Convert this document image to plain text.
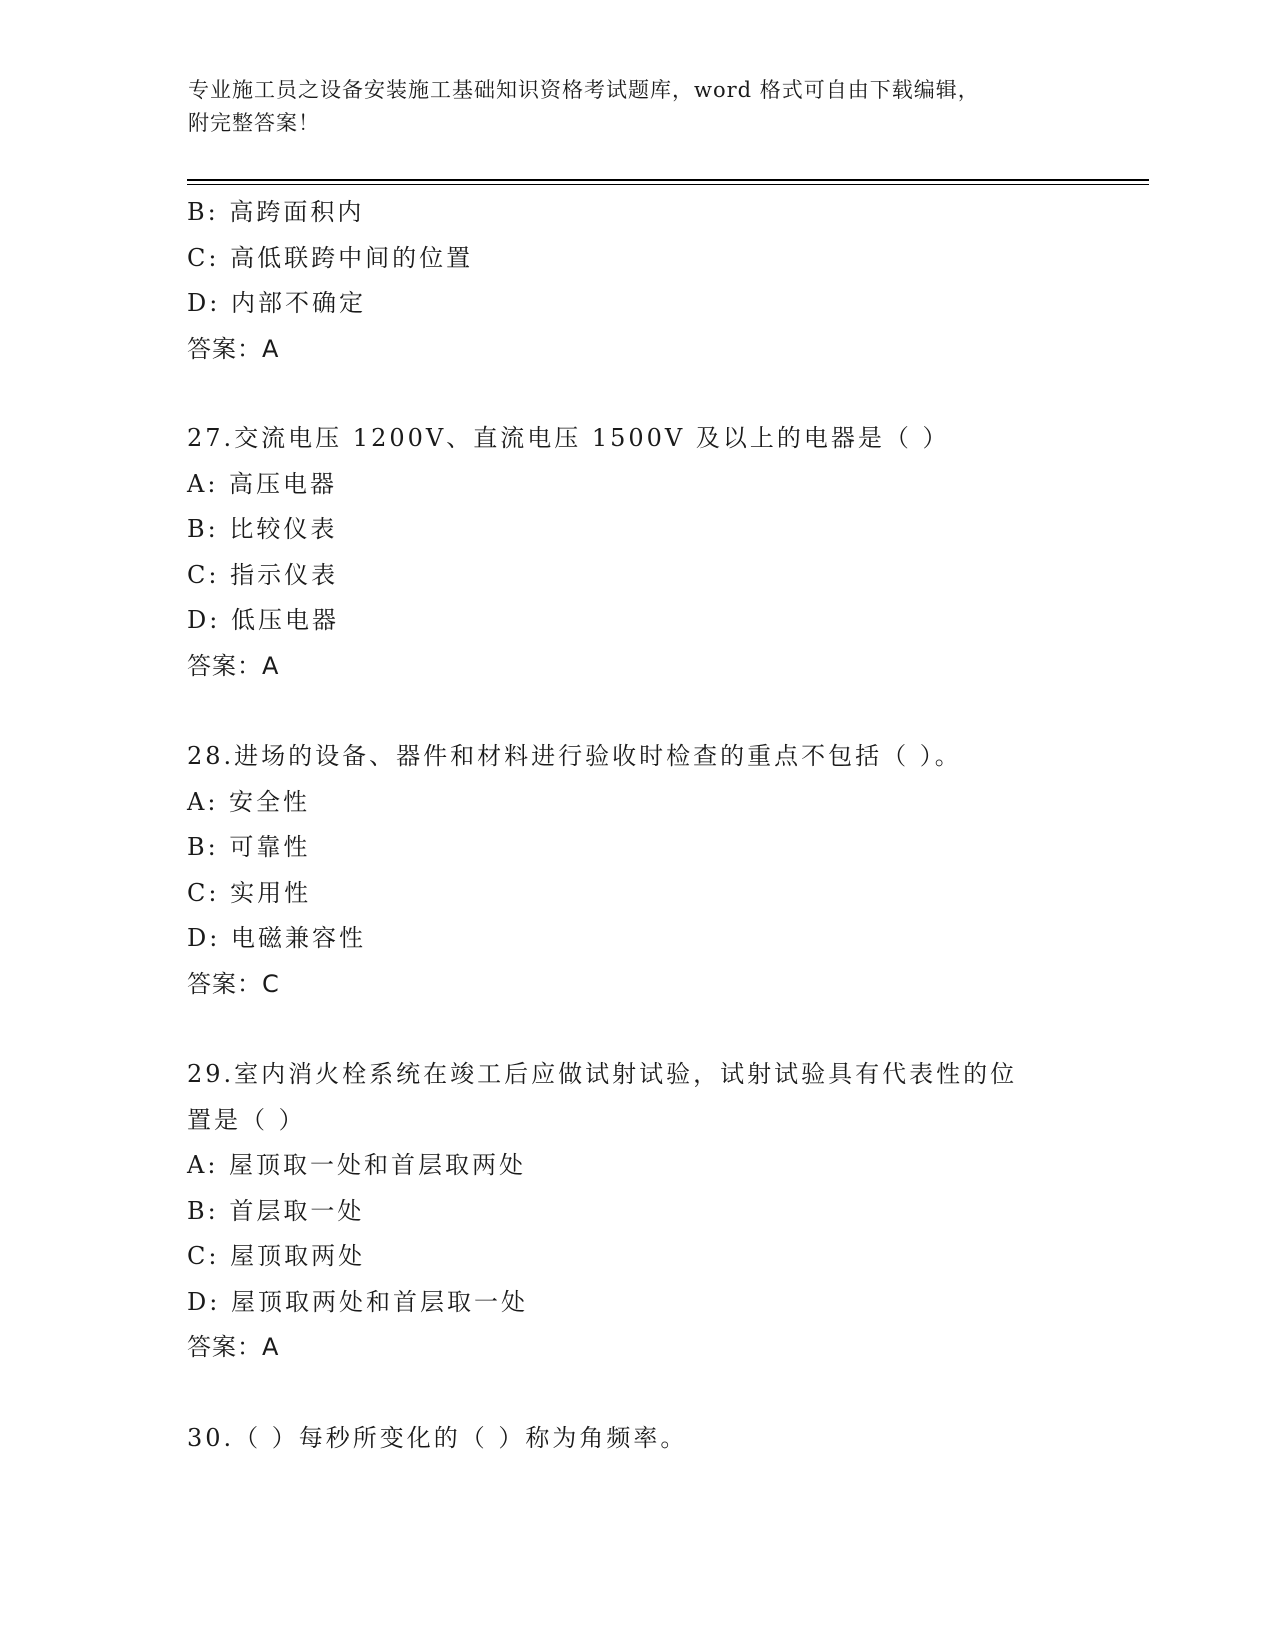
专业施工员之设备安装施工基础知识资格考试题库，word 格式可自由下载编辑，
附完整答案！
B: 高跨面积内
C: 高低联跨中间的位置
D: 内部不确定
答案：A
27.交流电压 1200V、直流电压 1500V 及以上的电器是（ ）
A: 高压电器
B: 比较仪表
C: 指示仪表
D: 低压电器
答案：A
28.进场的设备、器件和材料进行验收时检查的重点不包括（ ）。
A: 安全性
B: 可靠性
C: 实用性
D: 电磁兼容性
答案：C
29.室内消火栓系统在竣工后应做试射试验，试射试验具有代表性的位
置是（ ）
A: 屋顶取一处和首层取两处
B: 首层取一处
C: 屋顶取两处
D: 屋顶取两处和首层取一处
答案：A
30.（ ）每秒所变化的（ ）称为角频率。
